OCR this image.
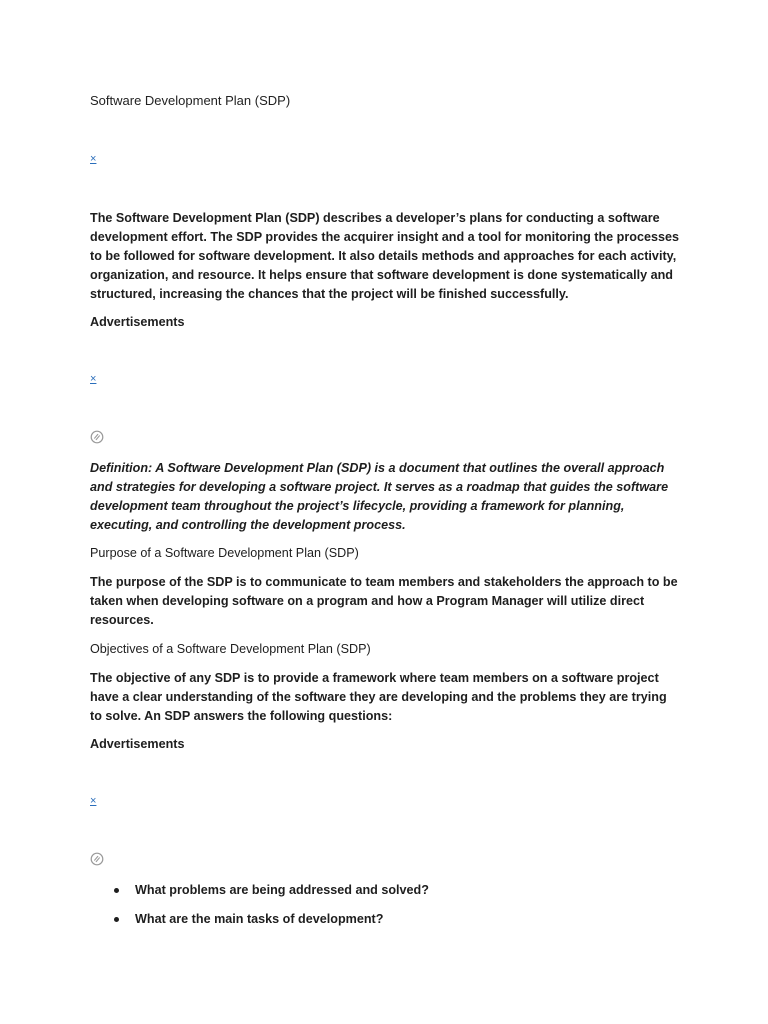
Software Development Plan (SDP)
×

The Software Development Plan (SDP) describes a developer’s plans for conducting a software development effort. The SDP provides the acquirer insight and a tool for monitoring the processes to be followed for software development. It also details methods and approaches for each activity, organization, and resource. It helps ensure that software development is done systematically and structured, increasing the chances that the project will be finished successfully.

Advertisements
×

Definition: A Software Development Plan (SDP) is a document that outlines the overall approach and strategies for developing a software project. It serves as a roadmap that guides the software development team throughout the project’s lifecycle, providing a framework for planning, executing, and controlling the development process.

Purpose of a Software Development Plan (SDP)

The purpose of the SDP is to communicate to team members and stakeholders the approach to be taken when developing software on a program and how a Program Manager will utilize direct resources.

Objectives of a Software Development Plan (SDP)

The objective of any SDP is to provide a framework where team members on a software project have a clear understanding of the software they are developing and the problems they are trying to solve. An SDP answers the following questions:

Advertisements
×
What problems are being addressed and solved?
What are the main tasks of development?
